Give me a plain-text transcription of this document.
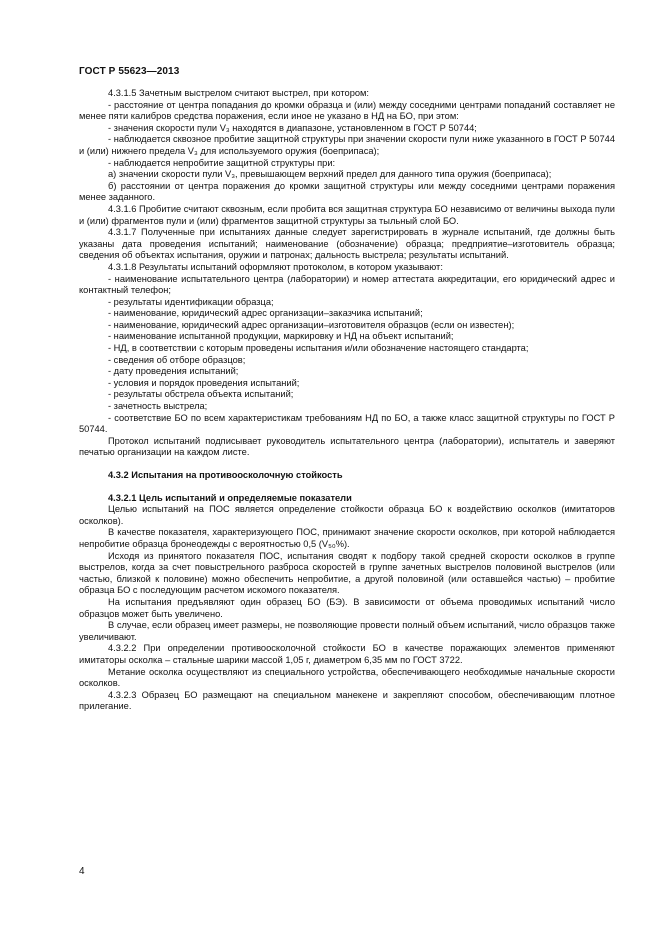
ГОСТ Р 55623—2013

4.3.1.5 Зачетным выстрелом считают выстрел, при котором:

- расстояние от центра попадания до кромки образца и (или) между соседними центрами попаданий составляет не менее пяти калибров средства поражения, если иное не указано в НД на БО, при этом:

- значения скорости пули V₃ находятся в диапазоне, установленном в ГОСТ Р 50744;

- наблюдается сквозное пробитие защитной структуры при значении скорости пули ниже указанного в ГОСТ Р 50744 и (или) нижнего предела V₃ для используемого оружия (боеприпаса);

- наблюдается непробитие защитной структуры при:

а) значении скорости пули V₃, превышающем верхний предел для данного типа оружия (боеприпаса);

б) расстоянии от центра поражения до кромки защитной структуры или между соседними центрами поражения менее заданного.

4.3.1.6 Пробитие считают сквозным, если пробита вся защитная структура БО независимо от величины выхода пули и (или) фрагментов пули и (или) фрагментов защитной структуры за тыльный слой БО.

4.3.1.7 Полученные при испытаниях данные следует зарегистрировать в журнале испытаний, где должны быть указаны дата проведения испытаний; наименование (обозначение) образца; предприятие–изготовитель образца; сведения об объектах испытания, оружии и патронах; дальность выстрела; результаты испытаний.

4.3.1.8 Результаты испытаний оформляют протоколом, в котором указывают:

- наименование испытательного центра (лаборатории) и номер аттестата аккредитации, его юридический адрес и контактный телефон;

- результаты идентификации образца;

- наименование, юридический адрес организации–заказчика испытаний;

- наименование, юридический адрес организации–изготовителя образцов (если он известен);

- наименование испытанной продукции, маркировку и НД на объект испытаний;

- НД, в соответствии с которым проведены испытания и/или обозначение настоящего стандарта;

- сведения об отборе образцов;

- дату проведения испытаний;

- условия и порядок проведения испытаний;

- результаты обстрела объекта испытаний;

- зачетность выстрела;

- соответствие БО по всем характеристикам требованиям НД по БО, а также класс защитной структуры по ГОСТ Р 50744.

Протокол испытаний подписывает руководитель испытательного центра (лаборатории), испытатель и заверяют печатью организации на каждом листе.

4.3.2 Испытания на противоосколочную стойкость

4.3.2.1 Цель испытаний и определяемые показатели

Целью испытаний на ПОС является определение стойкости образца БО к воздействию осколков (имитаторов осколков).

В качестве показателя, характеризующего ПОС, принимают значение скорости осколков, при которой наблюдается непробитие образца бронеодежды с вероятностью 0,5 (V₅₀%).

Исходя из принятого показателя ПОС, испытания сводят к подбору такой средней скорости осколков в группе выстрелов, когда за счет повыстрельного разброса скоростей в группе зачетных выстрелов половиной выстрелов (или частью, близкой к половине) можно обеспечить непробитие, а другой половиной (или оставшейся частью) – пробитие образца БО с последующим расчетом искомого показателя.

На испытания предъявляют один образец БО (БЭ). В зависимости от объема проводимых испытаний число образцов может быть увеличено.

В случае, если образец имеет размеры, не позволяющие провести полный объем испытаний, число образцов также увеличивают.

4.3.2.2 При определении противоосколочной стойкости БО в качестве поражающих элементов применяют имитаторы осколка – стальные шарики массой 1,05 г, диаметром 6,35 мм по ГОСТ 3722.

Метание осколка осуществляют из специального устройства, обеспечивающего необходимые начальные скорости осколков.

4.3.2.3 Образец БО размещают на специальном манекене и закрепляют способом, обеспечивающим плотное прилегание.

4
